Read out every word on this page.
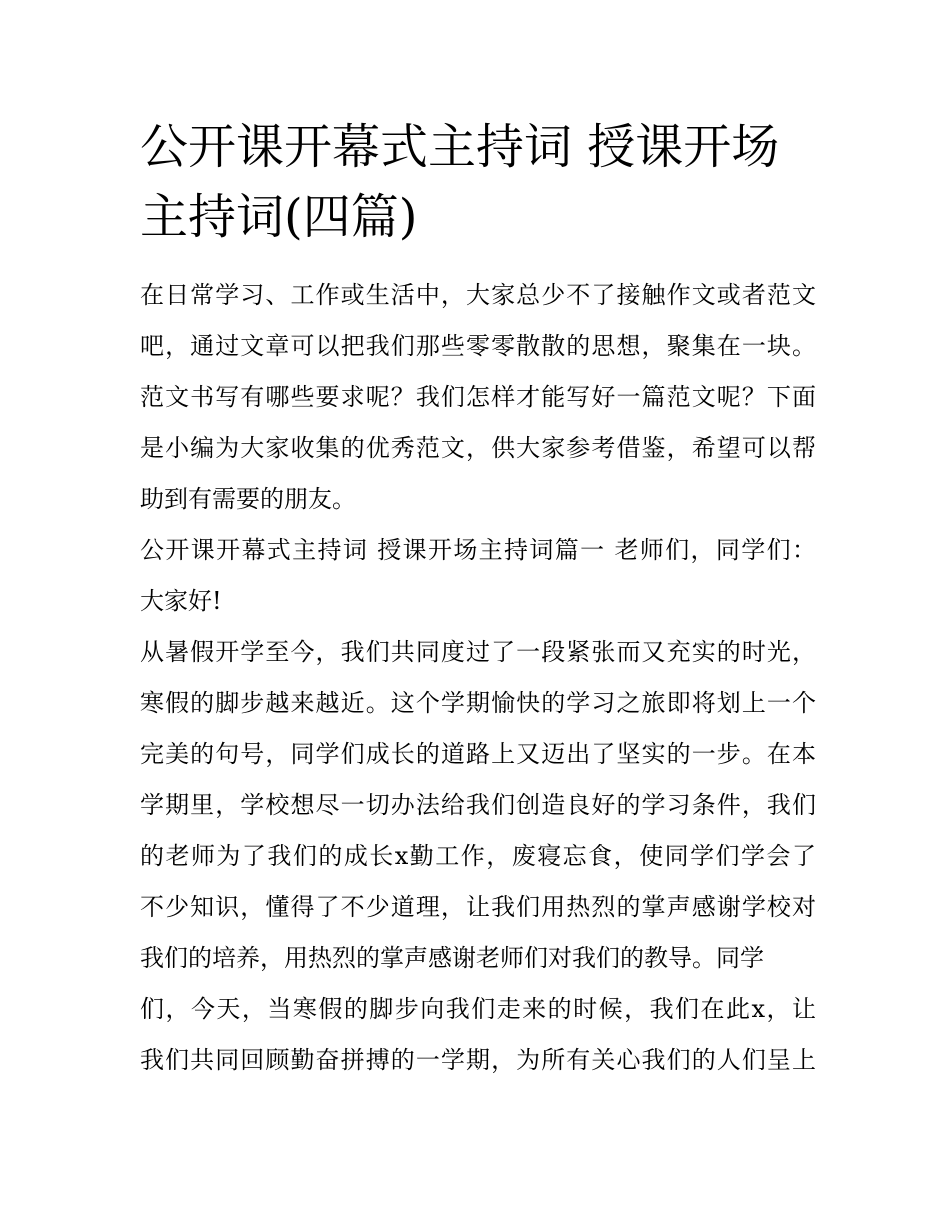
公开课开幕式主持词 授课开场
主持词(四篇)
在日常学习、工作或生活中，大家总少不了接触作文或者范文
吧，通过文章可以把我们那些零零散散的思想，聚集在一块。
范文书写有哪些要求呢？我们怎样才能写好一篇范文呢？下面
是小编为大家收集的优秀范文，供大家参考借鉴，希望可以帮
助到有需要的朋友。
公开课开幕式主持词 授课开场主持词篇一 老师们，同学们：
大家好!
从暑假开学至今，我们共同度过了一段紧张而又充实的时光，
寒假的脚步越来越近。这个学期愉快的学习之旅即将划上一个
完美的句号，同学们成长的道路上又迈出了坚实的一步。在本
学期里，学校想尽一切办法给我们创造良好的学习条件，我们
的老师为了我们的成长x勤工作，废寝忘食，使同学们学会了
不少知识，懂得了不少道理，让我们用热烈的掌声感谢学校对
我们的培养，用热烈的掌声感谢老师们对我们的教导。同学
们，今天，当寒假的脚步向我们走来的时候，我们在此x，让
我们共同回顾勤奋拼搏的一学期，为所有关心我们的人们呈上
